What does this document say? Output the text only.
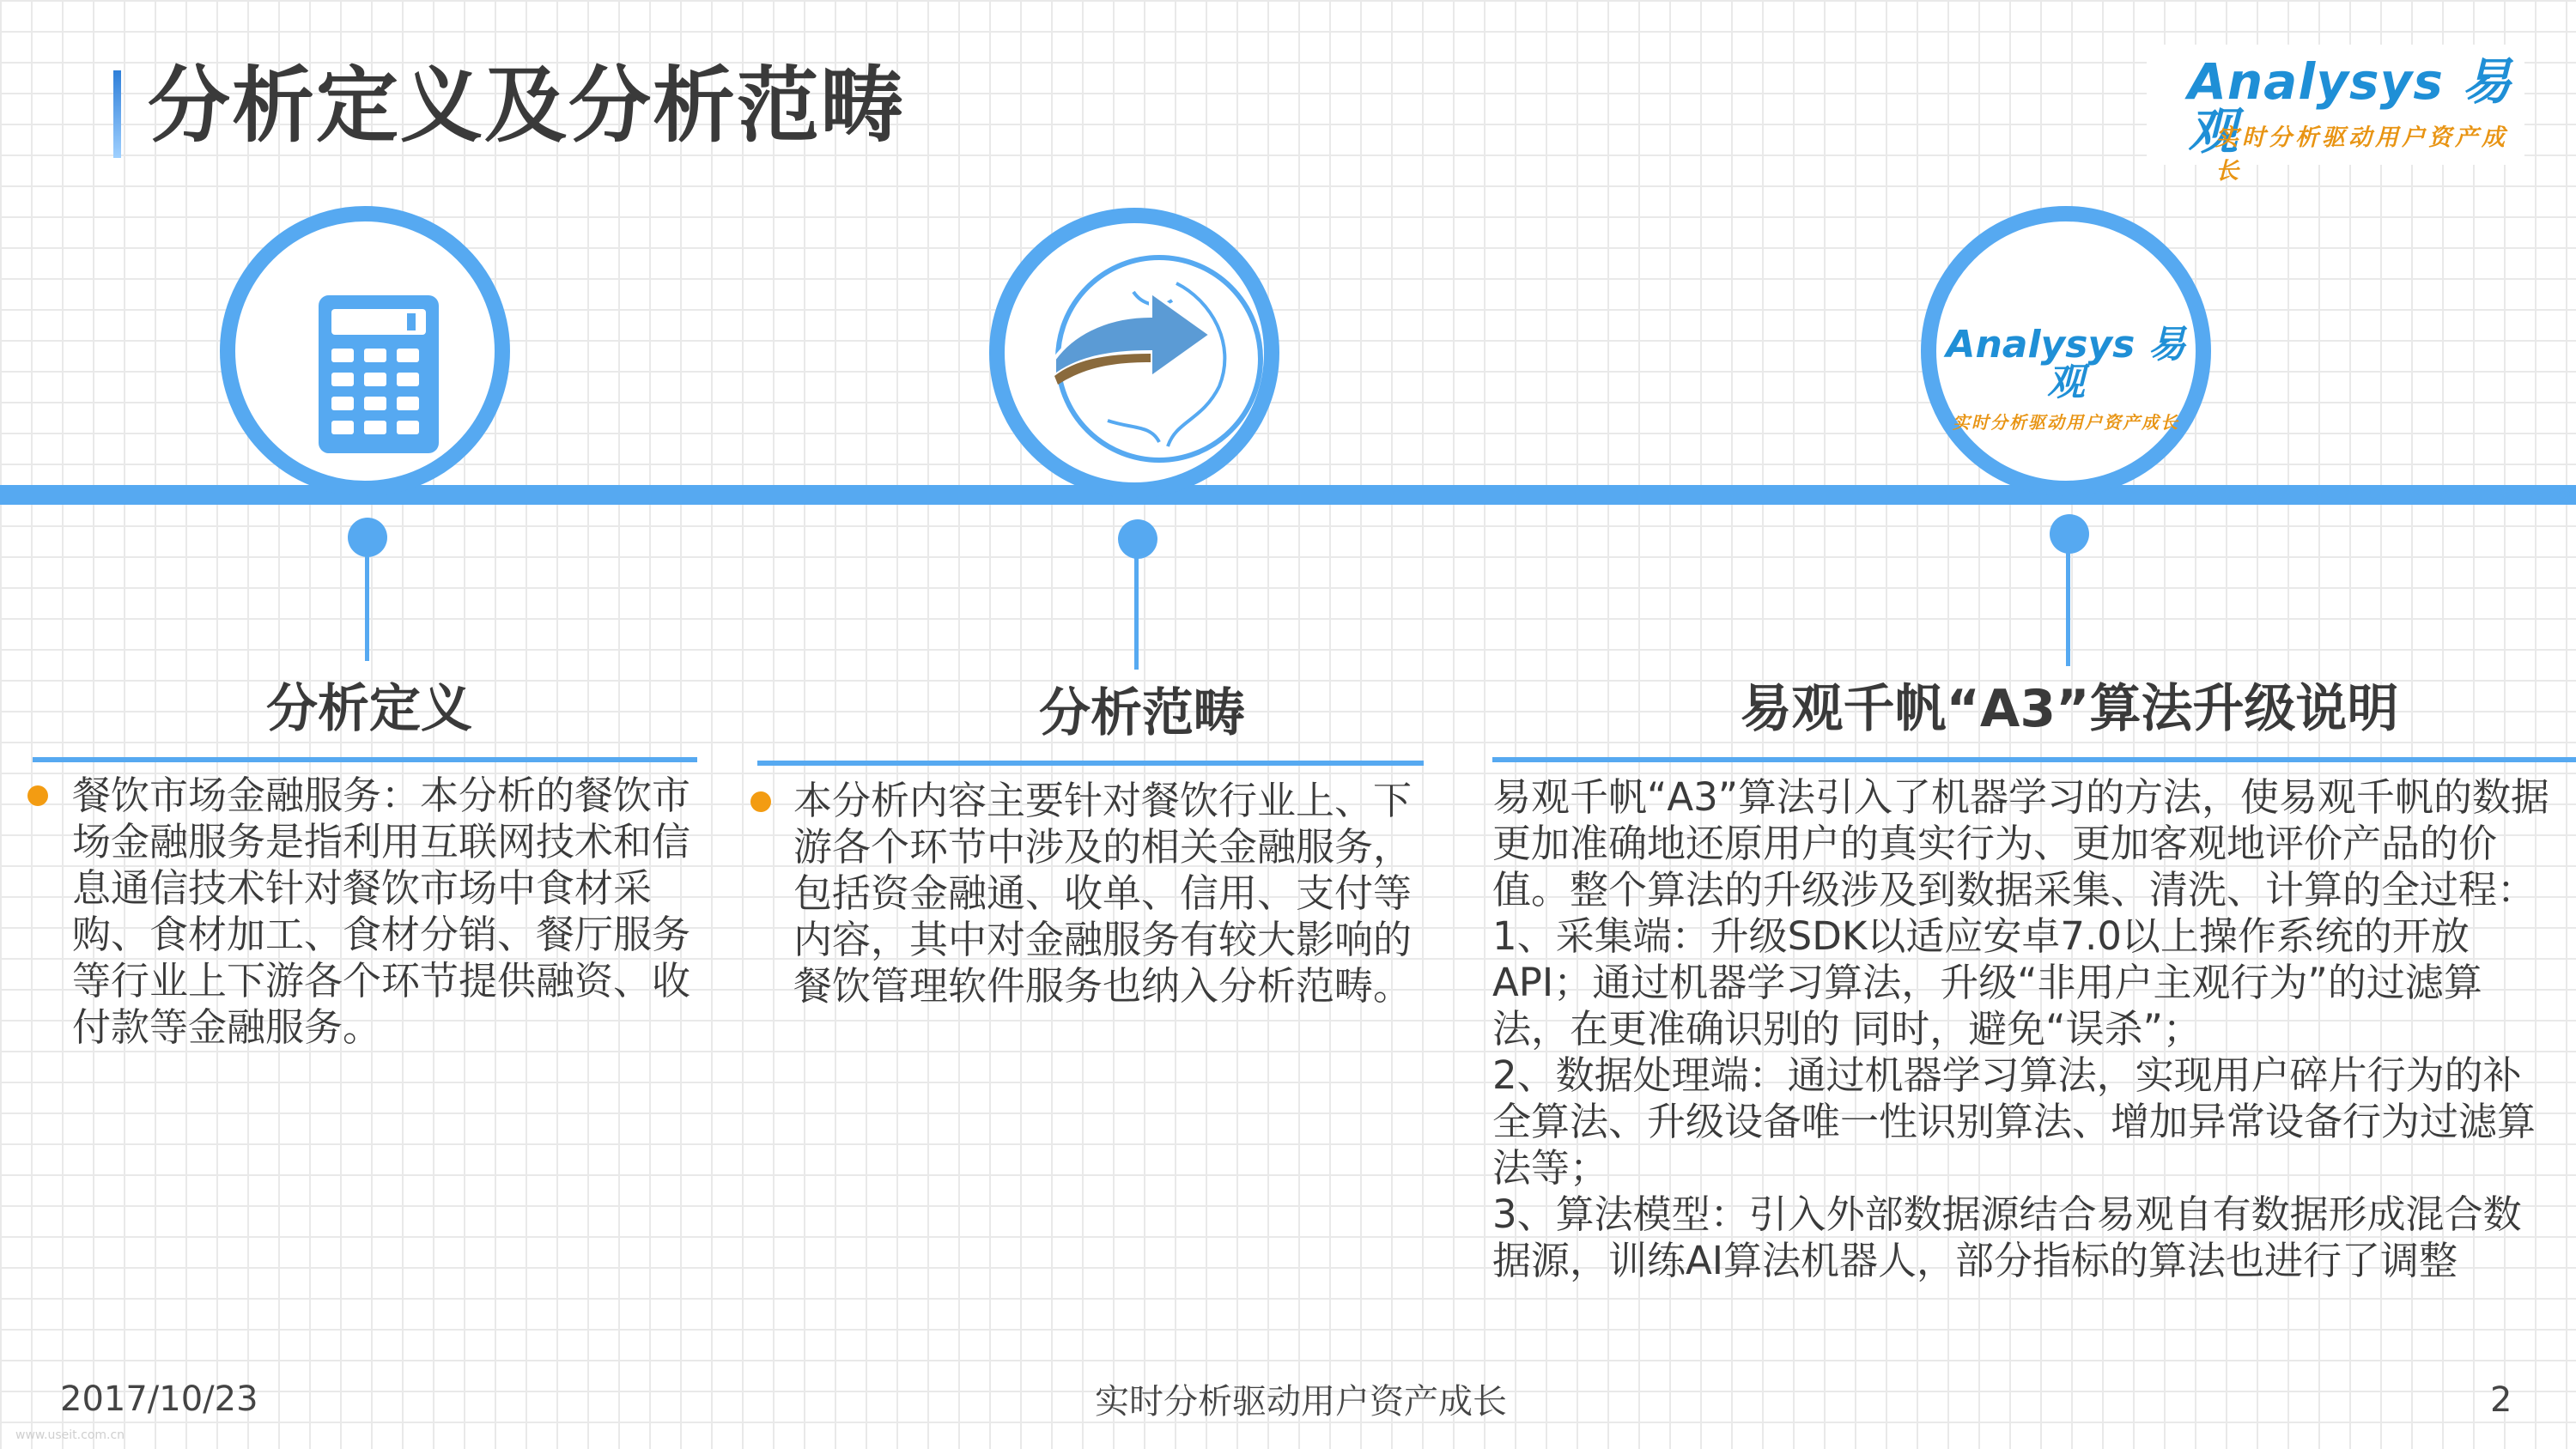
分析定义及分析范畴	Analysys 易观
实时分析驱动用户资产成长
Analysys 易观
实时分析驱动用户资产成长
分析定义

餐饮市场金融服务：本分析的餐饮市场金融服务是指利用互联网技术和信息通信技术针对餐饮市场中食材采购、食材加工、食材分销、餐厅服务等行业上下游各个环节提供融资、收付款等金融服务。

分析范畴

本分析内容主要针对餐饮行业上、下游各个环节中涉及的相关金融服务，包括资金融通、收单、信用、支付等内容，其中对金融服务有较大影响的餐饮管理软件服务也纳入分析范畴。

易观千帆“A3”算法升级说明

易观千帆“A3”算法引入了机器学习的方法，使易观千帆的数据更加准确地还原用户的真实行为、更加客观地评价产品的价值。整个算法的升级涉及到数据采集、清洗、计算的全过程：

1、采集端：升级SDK以适应安卓7.0以上操作系统的开放API；通过机器学习算法，升级“非用户主观行为”的过滤算法，在更准确识别的 同时，避免“误杀”；

2、数据处理端：通过机器学习算法，实现用户碎片行为的补全算法、升级设备唯一性识别算法、增加异常设备行为过滤算法等；

3、算法模型：引入外部数据源结合易观自有数据形成混合数据源，训练AI算法机器人，部分指标的算法也进行了调整

2017/10/23	实时分析驱动用户资产成长	2
www.useit.com.cn
